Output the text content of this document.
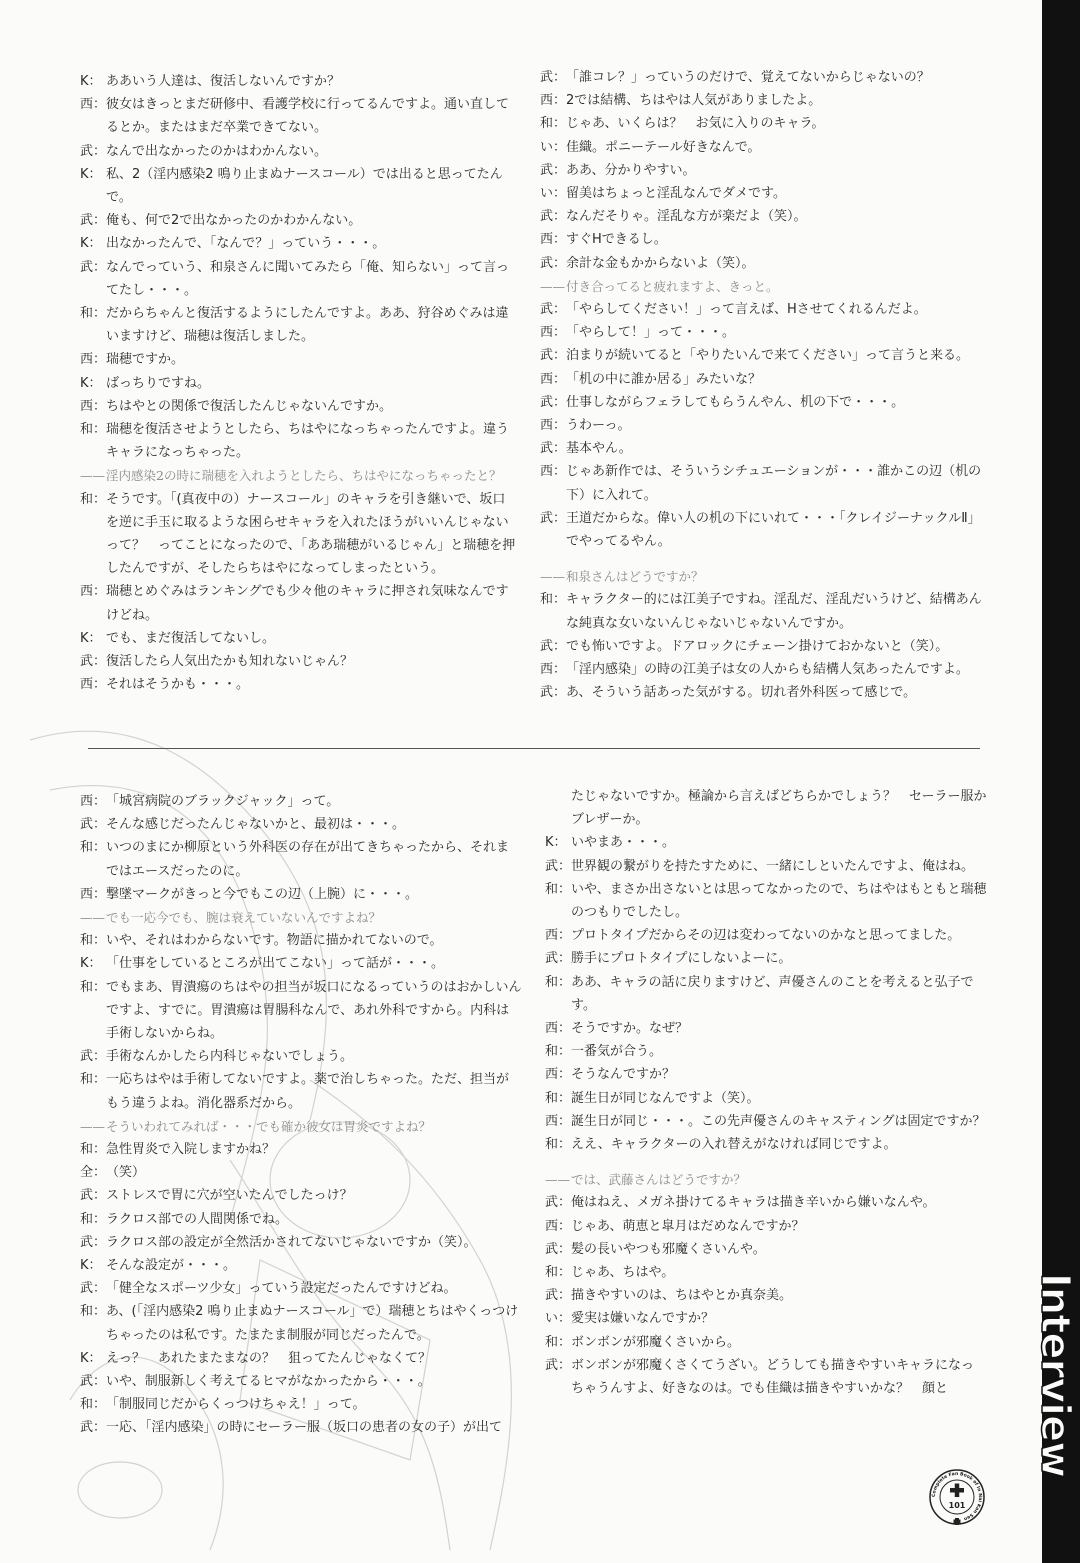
K： ああいう人達は、復活しないんですか？

西： 彼女はきっとまだ研修中、看護学校に行ってるんですよ。通い直してるとか。またはまだ卒業できてない。

武： なんで出なかったのかはわかんない。

K： 私、2（淫内感染2 鳴り止まぬナースコール）では出ると思ってたんで。

武： 俺も、何で2で出なかったのかわかんない。

K： 出なかったんで、「なんで？」っていう・・・。

武： なんでっていう、和泉さんに聞いてみたら「俺、知らない」って言ってたし・・・。

和： だからちゃんと復活するようにしたんですよ。ああ、狩谷めぐみは違いますけど、瑞穂は復活しました。

西： 瑞穂ですか。

K： ばっちりですね。

西： ちはやとの関係で復活したんじゃないんですか。

和： 瑞穂を復活させようとしたら、ちはやになっちゃったんですよ。違うキャラになっちゃった。

—— 淫内感染2の時に瑞穂を入れようとしたら、ちはやになっちゃったと？

和： そうです。「(真夜中の）ナースコール」のキャラを引き継いで、坂口を逆に手玉に取るような困らせキャラを入れたほうがいいんじゃないって？　ってことになったので、「ああ瑞穂がいるじゃん」と瑞穂を押したんですが、そしたらちはやになってしまったという。

西： 瑞穂とめぐみはランキングでも少々他のキャラに押され気味なんですけどね。

K： でも、まだ復活してないし。

武： 復活したら人気出たかも知れないじゃん？

西： それはそうかも・・・。

武： 「誰コレ？」っていうのだけで、覚えてないからじゃないの？

西： 2では結構、ちはやは人気がありましたよ。

和： じゃあ、いくらは？　お気に入りのキャラ。

い： 佳織。ポニーテール好きなんで。

武： ああ、分かりやすい。

い： 留美はちょっと淫乱なんでダメです。

武： なんだそりゃ。淫乱な方が楽だよ（笑）。

西： すぐHできるし。

武： 余計な金もかからないよ（笑）。

—— 付き合ってると疲れますよ、きっと。

武： 「やらしてください！」って言えば、Hさせてくれるんだよ。

西： 「やらして！」って・・・。

武： 泊まりが続いてると「やりたいんで来てください」って言うと来る。

西： 「机の中に誰か居る」みたいな？

武： 仕事しながらフェラしてもらうんやん、机の下で・・・。

西： うわーっ。

武： 基本やん。

西： じゃあ新作では、そういうシチュエーションが・・・誰かこの辺（机の下）に入れて。

武： 王道だからな。偉い人の机の下にいれて・・・「クレイジーナックルⅡ」でやってるやん。

—— 和泉さんはどうですか？

和： キャラクター的には江美子ですね。淫乱だ、淫乱だいうけど、結構あんな純真な女いないんじゃないじゃないんですか。

武： でも怖いですよ。ドアロックにチェーン掛けておかないと（笑）。

西： 「淫内感染」の時の江美子は女の人からも結構人気あったんですよ。

武： あ、そういう話あった気がする。切れ者外科医って感じで。

西： 「城宮病院のブラックジャック」って。

武： そんな感じだったんじゃないかと、最初は・・・。

和： いつのまにか柳原という外科医の存在が出てきちゃったから、それまではエースだったのに。

西： 撃墜マークがきっと今でもこの辺（上腕）に・・・。

—— でも一応今でも、腕は衰えていないんですよね？

和： いや、それはわからないです。物語に描かれてないので。

K： 「仕事をしているところが出てこない」って話が・・・。

和： でもまあ、胃潰瘍のちはやの担当が坂口になるっていうのはおかしいんですよ、すでに。胃潰瘍は胃腸科なんで、あれ外科ですから。内科は手術しないからね。

武： 手術なんかしたら内科じゃないでしょう。

和： 一応ちはやは手術してないですよ。薬で治しちゃった。ただ、担当がもう違うよね。消化器系だから。

—— そういわれてみれば・・・でも確か彼女は胃炎ですよね？

和： 急性胃炎で入院しますかね？

全： （笑）

武： ストレスで胃に穴が空いたんでしたっけ？

和： ラクロス部での人間関係でね。

武： ラクロス部の設定が全然活かされてないじゃないですか（笑）。

K： そんな設定が・・・。

武： 「健全なスポーツ少女」っていう設定だったんですけどね。

和： あ、(「淫内感染2 鳴り止まぬナースコール」で）瑞穂とちはやくっつけちゃったのは私です。たまたま制服が同じだったんで。

K： えっ？　あれたまたまなの？　狙ってたんじゃなくて？

武： いや、制服新しく考えてるヒマがなかったから・・・。

和： 「制服同じだからくっつけちゃえ！」って。

武： 一応、「淫内感染」の時にセーラー服（坂口の患者の女の子）が出て

たじゃないですか。極論から言えばどちらかでしょう？　セーラー服かブレザーか。

K： いやまあ・・・。

武： 世界観の繋がりを持たすために、一緒にしといたんですよ、俺はね。

和： いや、まさか出さないとは思ってなかったので、ちはやはもともと瑞穂のつもりでしたし。

西： プロトタイプだからその辺は変わってないのかなと思ってました。

武： 勝手にプロトタイプにしないよーに。

和： ああ、キャラの話に戻りますけど、声優さんのことを考えると弘子です。

西： そうですか。なぜ？

和： 一番気が合う。

西： そうなんですか？

和： 誕生日が同じなんですよ（笑）。

西： 誕生日が同じ・・・。この先声優さんのキャスティングは固定ですか？

和： ええ、キャラクターの入れ替えがなければ同じですよ。

—— では、武藤さんはどうですか？

武： 俺はねえ、メガネ掛けてるキャラは描き辛いから嫌いなんや。

西： じゃあ、萌恵と皐月はだめなんですか？

武： 髪の長いやつも邪魔くさいんや。

和： じゃあ、ちはや。

武： 描きやすいのは、ちはやとか真奈美。

い： 愛実は嫌いなんですか？

和： ボンボンが邪魔くさいから。

武： ボンボンが邪魔くさくてうざい。どうしても描きやすいキャラになっちゃうんすよ、好きなのは。でも佳織は描きやすいかな？　顔と	Interview
Complete Fan Book of In Nai Kan Sen
101
